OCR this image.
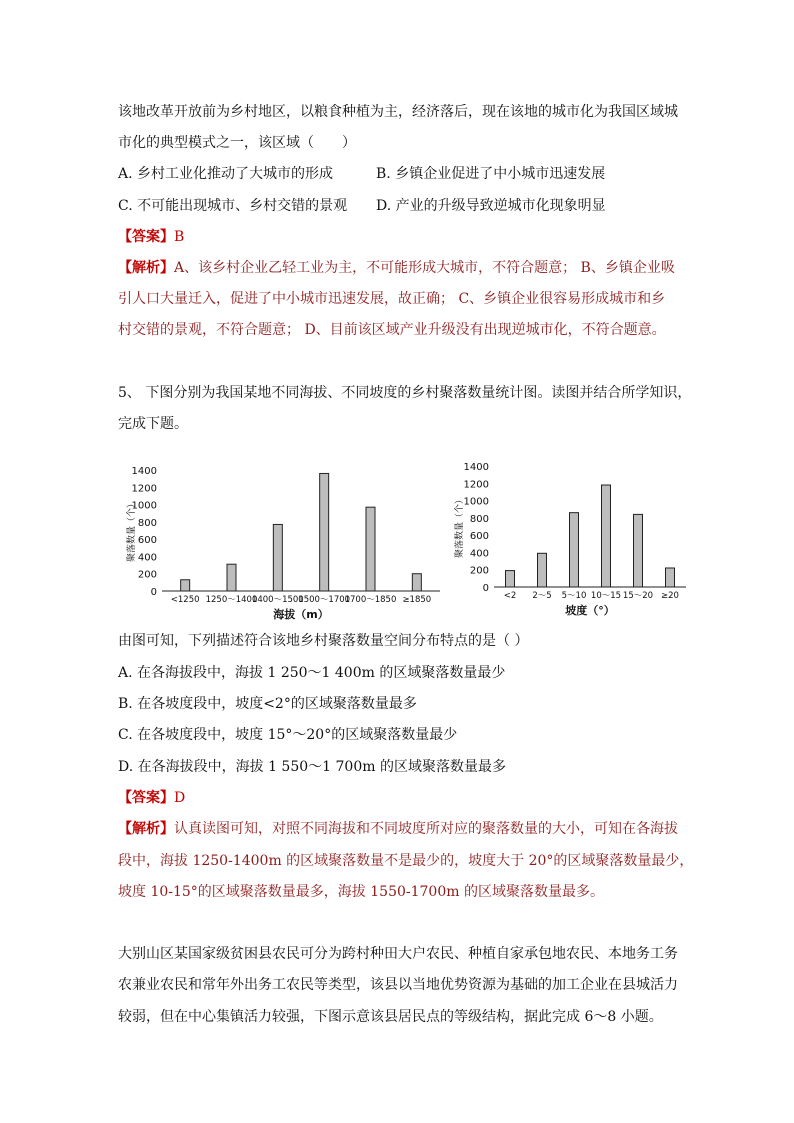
该地改革开放前为乡村地区，以粮食种植为主，经济落后，现在该地的城市化为我国区域城
市化的典型模式之一，该区域（　　）
A. 乡村工业化推动了大城市的形成	B. 乡镇企业促进了中小城市迅速发展
C. 不可能出现城市、乡村交错的景观 D. 产业的升级导致逆城市化现象明显
【答案】B
【解析】A、该乡村企业乙轻工业为主，不可能形成大城市，不符合题意； B、乡镇企业吸
引人口大量迁入，促进了中小城市迅速发展，故正确； C、乡镇企业很容易形成城市和乡
村交错的景观，不符合题意； D、目前该区域产业升级没有出现逆城市化，不符合题意。
5、 下图分别为我国某地不同海拔、不同坡度的乡村聚落数量统计图。读图并结合所学知识，
完成下题。
0
200
400
600
800
1000
1200
1400
聚落数量（个）
<1250 1250～1400
1400～1500
1500～1700
1700～1850 ≥1850
海拔（m）
0
200
400
600
800
1000
1200
1400
聚落数量（个）
<2 2～5 5～10 10～15 15～20 ≥20
坡度（°）
由图可知，下列描述符合该地乡村聚落数量空间分布特点的是（ ）
A. 在各海拔段中，海拔 1 250～1 400m 的区域聚落数量最少
B. 在各坡度段中，坡度<2°的区域聚落数量最多
C. 在各坡度段中，坡度 15°～20°的区域聚落数量最少
D. 在各海拔段中，海拔 1 550～1 700m 的区域聚落数量最多
【答案】D
【解析】认真读图可知，对照不同海拔和不同坡度所对应的聚落数量的大小，可知在各海拔
段中，海拔 1250-1400m 的区域聚落数量不是最少的，坡度大于 20°的区域聚落数量最少，
坡度 10-15°的区域聚落数量最多，海拔 1550-1700m 的区域聚落数量最多。
大别山区某国家级贫困县农民可分为跨村种田大户农民、种植自家承包地农民、本地务工务
农兼业农民和常年外出务工农民等类型，该县以当地优势资源为基础的加工企业在县城活力
较弱，但在中心集镇活力较强，下图示意该县居民点的等级结构，据此完成 6～8 小题。
